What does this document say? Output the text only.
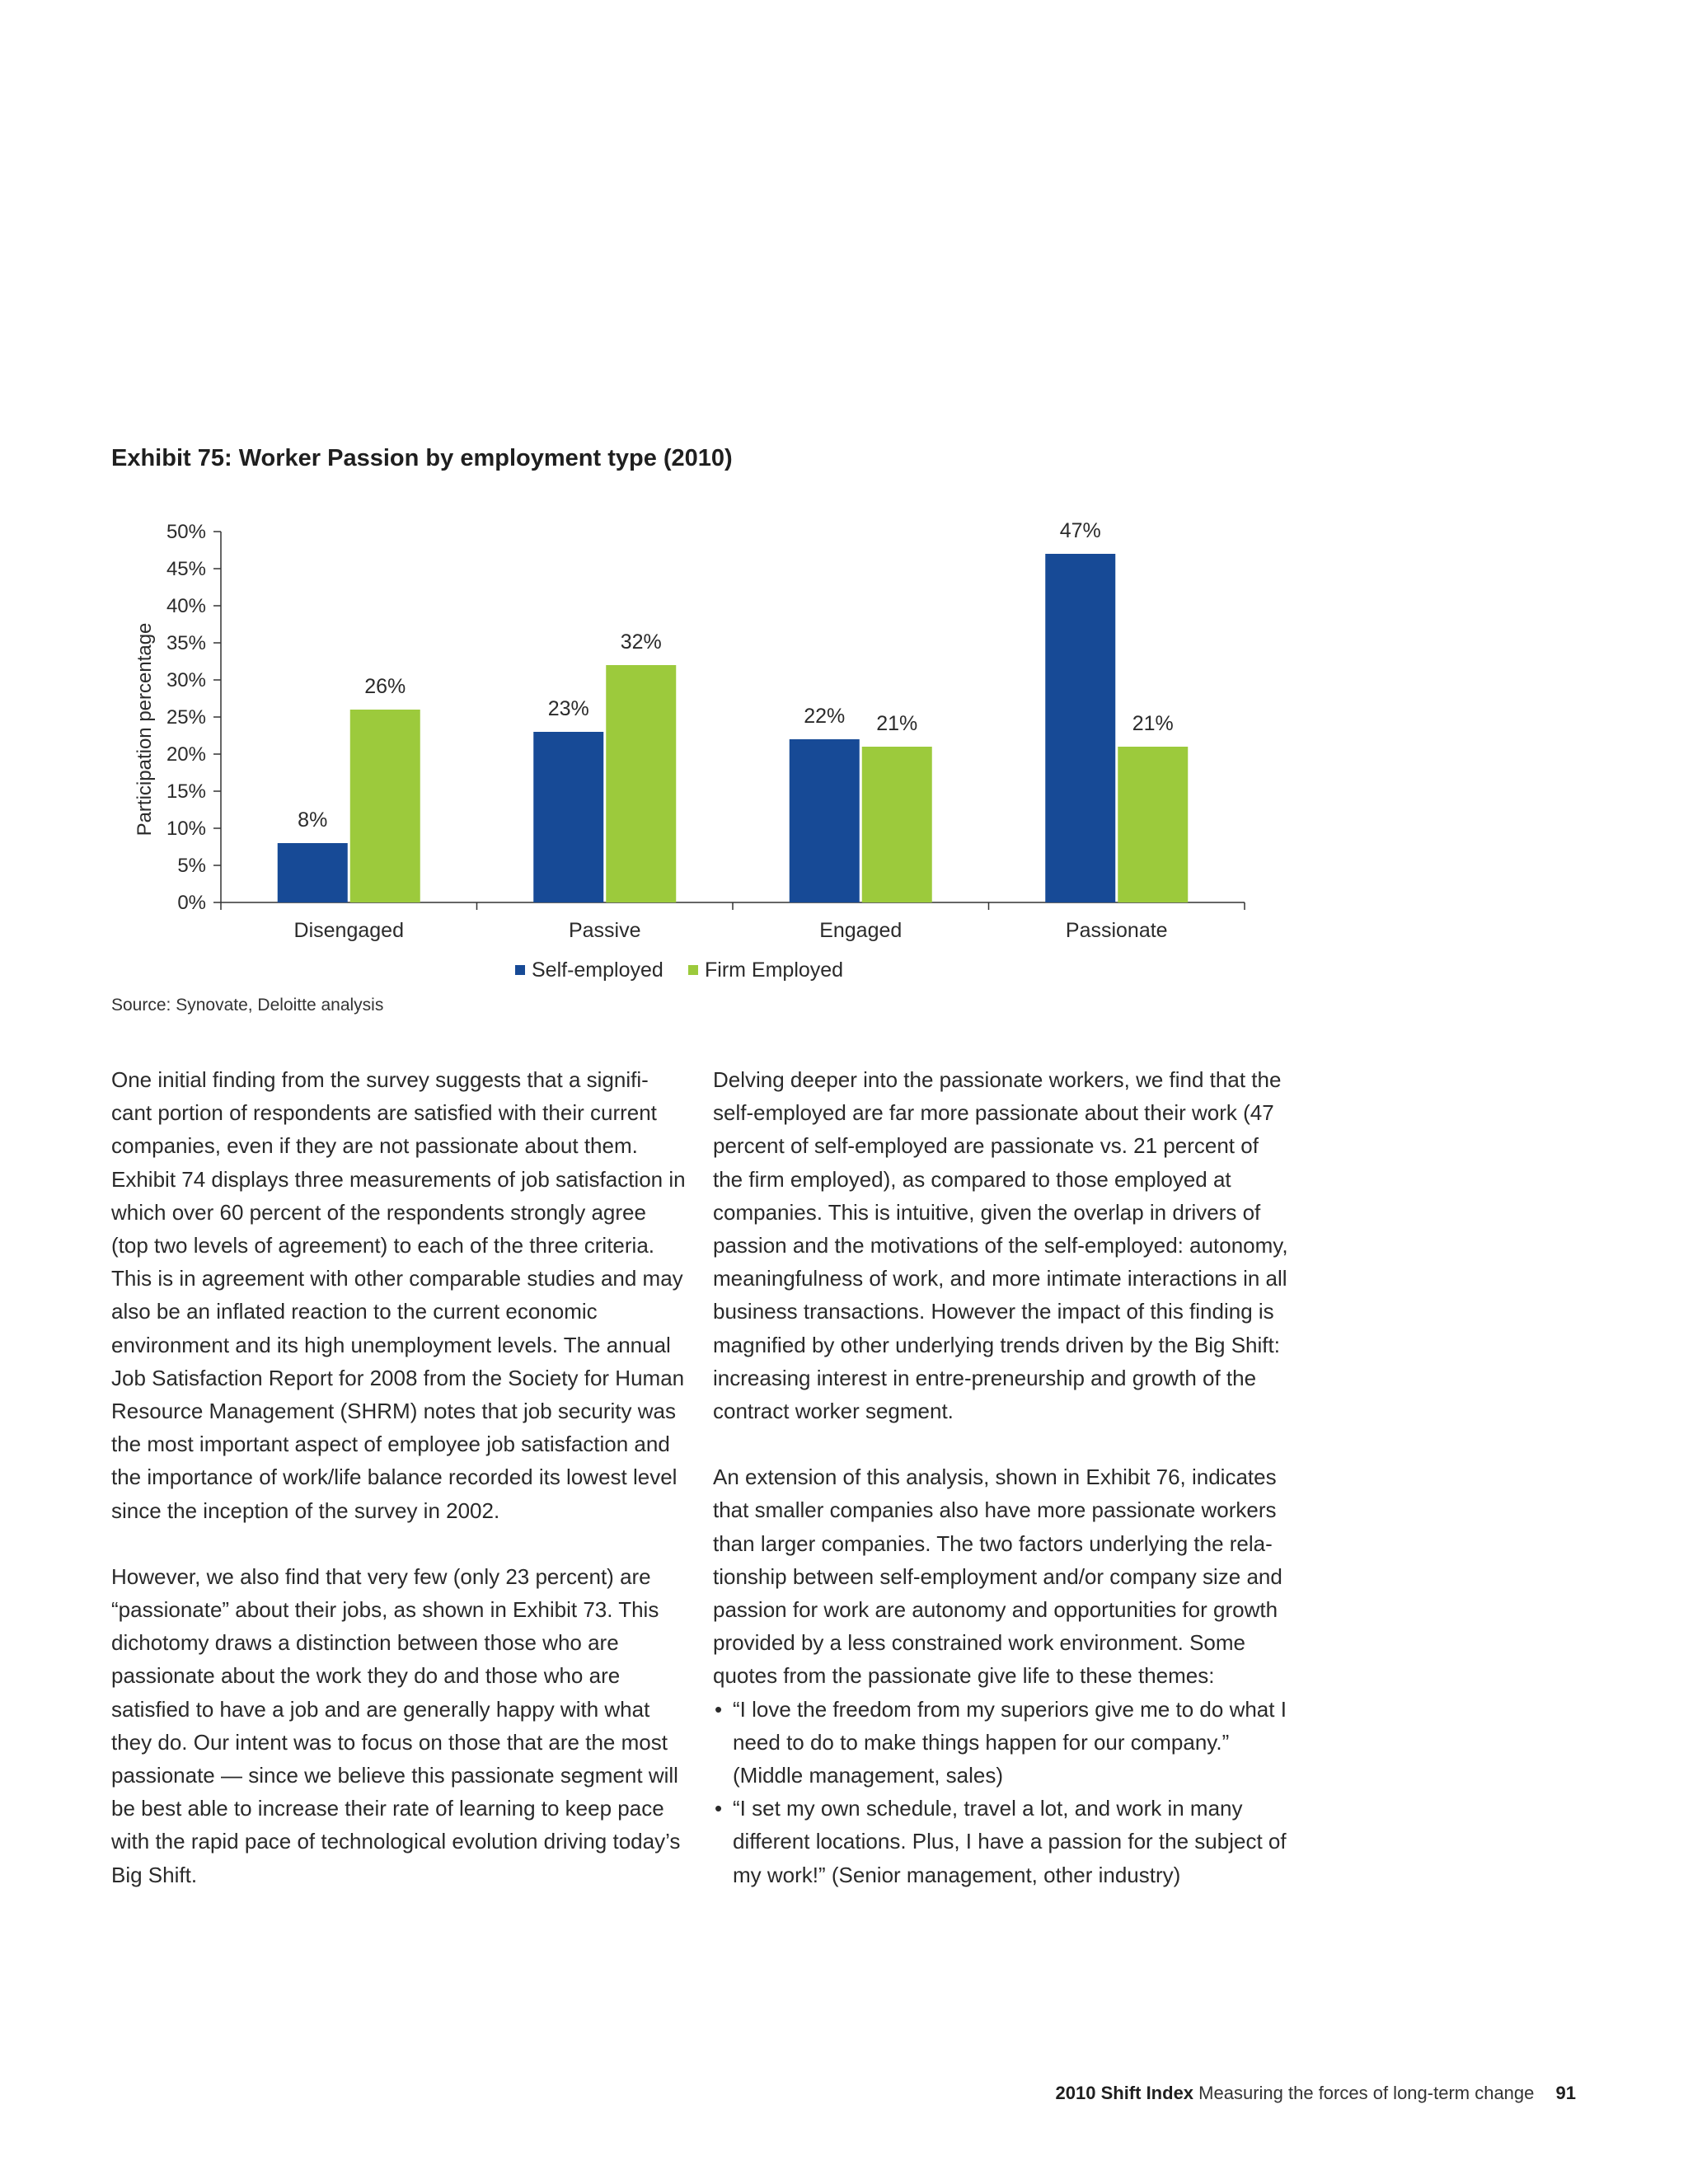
Exhibit 75: Worker Passion by employment type (2010)
0%
5%
10%
15%
20%
25%
30%
35%
40%
45%
50%
Participation percentage
Disengaged
8%
26%
Passive
23%
32%
Engaged
22% 21%
Passionate
47%
21%
Self-employed Firm Employed
Source: Synovate, Deloitte analysis

One initial finding from the survey suggests that a signifi-cant portion of respondents are satisfied with their current companies, even if they are not passionate about them. Exhibit 74 displays three measurements of job satisfaction in which over 60 percent of the respondents strongly agree (top two levels of agreement) to each of the three criteria. This is in agreement with other comparable studies and may also be an inflated reaction to the current economic environment and its high unemployment levels. The annual Job Satisfaction Report for 2008 from the Society for Human Resource Management (SHRM) notes that job security was the most important aspect of employee job satisfaction and the importance of work/life balance recorded its lowest level since the inception of the survey in 2002.

However, we also find that very few (only 23 percent) are “passionate” about their jobs, as shown in Exhibit 73. This dichotomy draws a distinction between those who are passionate about the work they do and those who are satisfied to have a job and are generally happy with what they do. Our intent was to focus on those that are the most passionate — since we believe this passionate segment will be best able to increase their rate of learning to keep pace with the rapid pace of technological evolution driving today’s Big Shift.

Delving deeper into the passionate workers, we find that the self-employed are far more passionate about their work (47 percent of self-employed are passionate vs. 21 percent of the firm employed), as compared to those employed at companies. This is intuitive, given the overlap in drivers of passion and the motivations of the self-employed: autonomy, meaningfulness of work, and more intimate interactions in all business transactions. However the impact of this finding is magnified by other underlying trends driven by the Big Shift: increasing interest in entre-preneurship and growth of the contract worker segment.

An extension of this analysis, shown in Exhibit 76, indicates that smaller companies also have more passionate workers than larger companies. The two factors underlying the rela-tionship between self-employment and/or company size and passion for work are autonomy and opportunities for growth provided by a less constrained work environment. Some quotes from the passionate give life to these themes:

• “I love the freedom from my superiors give me to do what I need to do to make things happen for our company.” (Middle management, sales)
• “I set my own schedule, travel a lot, and work in many different locations. Plus, I have a passion for the subject of my work!” (Senior management, other industry)
2010 Shift Index Measuring the forces of long-term change 91
